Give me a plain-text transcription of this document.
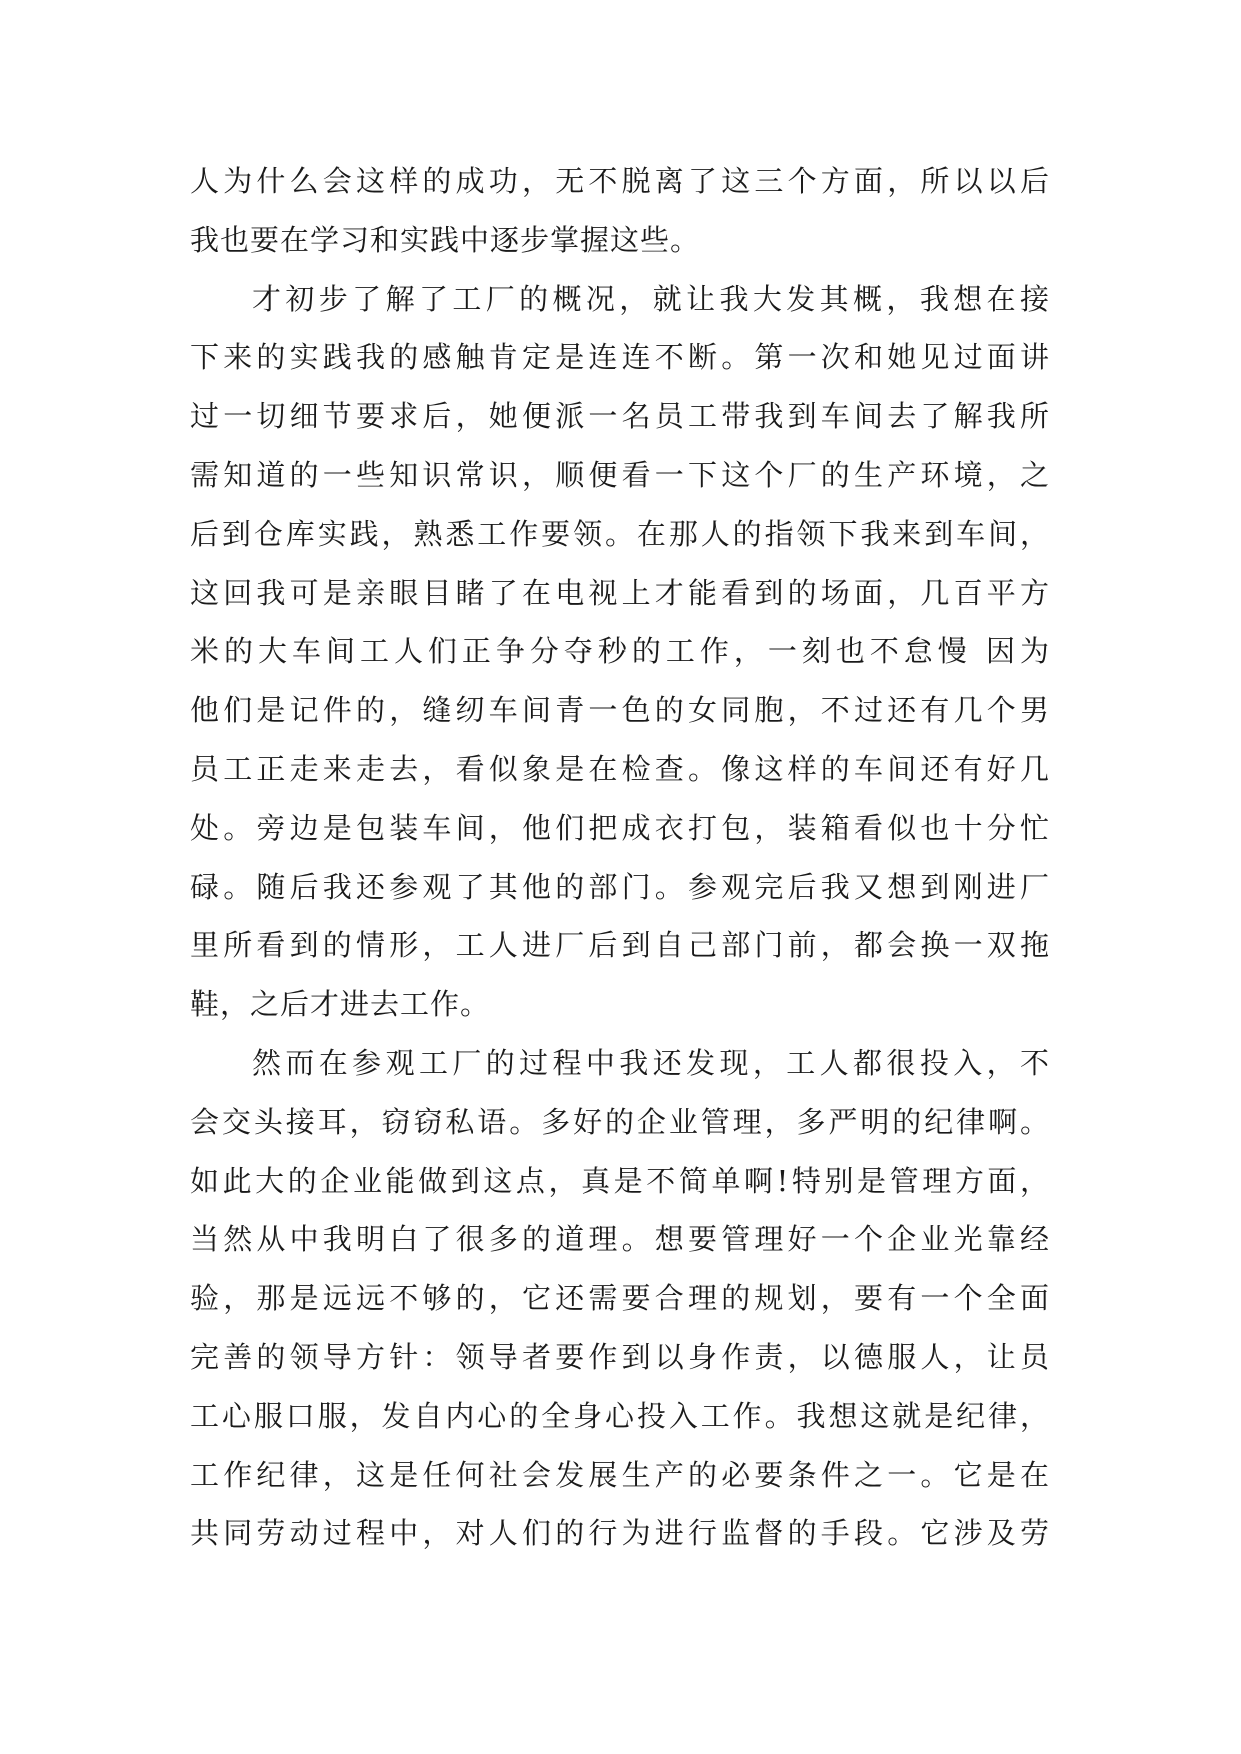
人为什么会这样的成功，无不脱离了这三个方面，所以以后
我也要在学习和实践中逐步掌握这些。
才初步了解了工厂的概况，就让我大发其概，我想在接
下来的实践我的感触肯定是连连不断。第一次和她见过面讲
过一切细节要求后，她便派一名员工带我到车间去了解我所
需知道的一些知识常识，顺便看一下这个厂的生产环境，之
后到仓库实践，熟悉工作要领。在那人的指领下我来到车间，
这回我可是亲眼目睹了在电视上才能看到的场面，几百平方
米的大车间工人们正争分夺秒的工作，一刻也不怠慢 因为
他们是记件的，缝纫车间青一色的女同胞，不过还有几个男
员工正走来走去，看似象是在检查。像这样的车间还有好几
处。旁边是包装车间，他们把成衣打包，装箱看似也十分忙
碌。随后我还参观了其他的部门。参观完后我又想到刚进厂
里所看到的情形，工人进厂后到自己部门前，都会换一双拖
鞋，之后才进去工作。
然而在参观工厂的过程中我还发现，工人都很投入，不
会交头接耳，窃窃私语。多好的企业管理，多严明的纪律啊。
如此大的企业能做到这点，真是不简单啊!特别是管理方面，
当然从中我明白了很多的道理。想要管理好一个企业光靠经
验，那是远远不够的，它还需要合理的规划，要有一个全面
完善的领导方针：领导者要作到以身作责，以德服人，让员
工心服口服，发自内心的全身心投入工作。我想这就是纪律，
工作纪律，这是任何社会发展生产的必要条件之一。它是在
共同劳动过程中，对人们的行为进行监督的手段。它涉及劳
